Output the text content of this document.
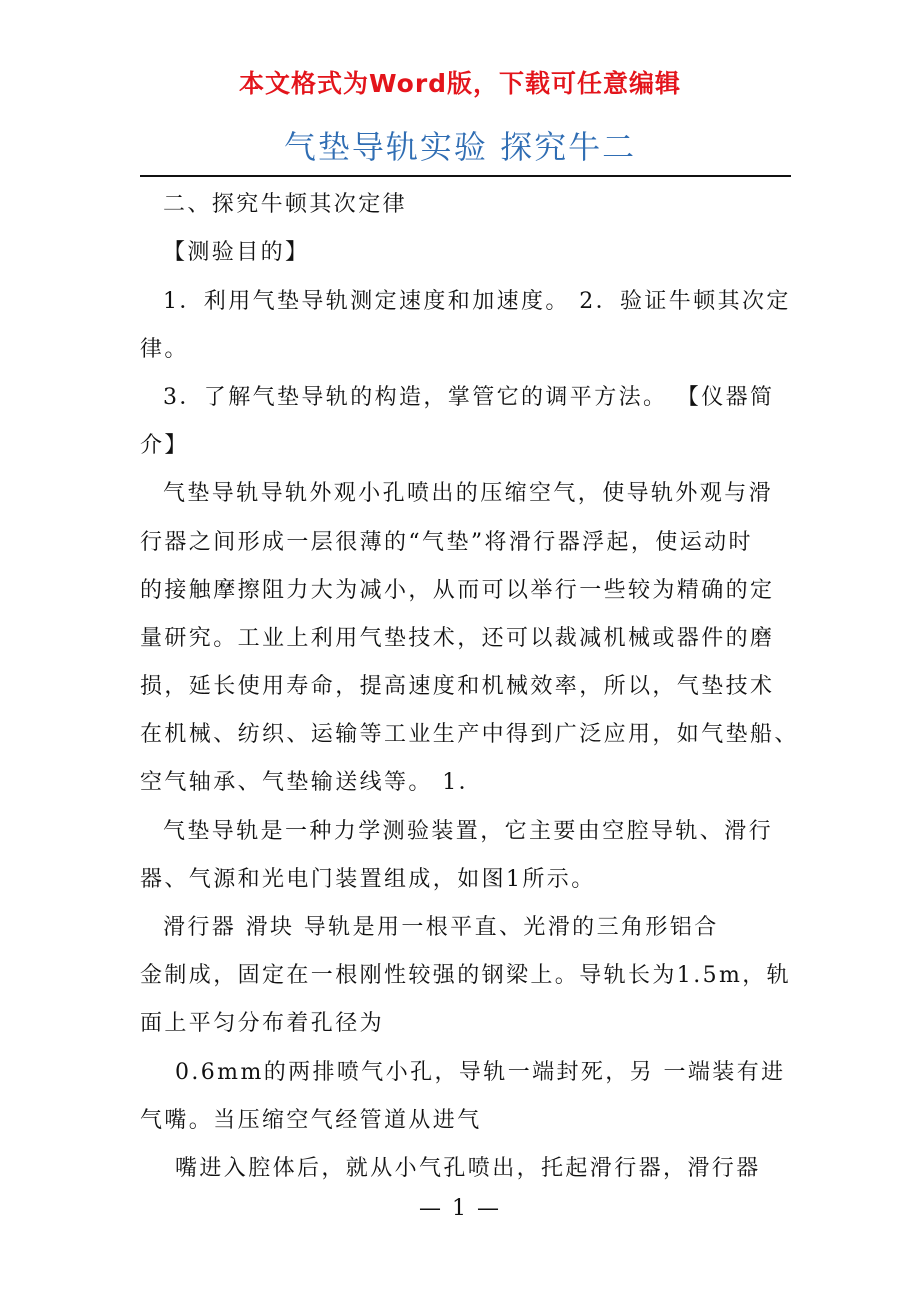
本文格式为Word版，下载可任意编辑
气垫导轨实验 探究牛二
二、探究牛顿其次定律
【测验目的】
1．利用气垫导轨测定速度和加速度。 2．验证牛顿其次定
律。
3．了解气垫导轨的构造，掌管它的调平方法。 【仪器简
介】
气垫导轨导轨外观小孔喷出的压缩空气，使导轨外观与滑
行器之间形成一层很薄的“气垫”将滑行器浮起，使运动时
的接触摩擦阻力大为减小，从而可以举行一些较为精确的定
量研究。工业上利用气垫技术，还可以裁减机械或器件的磨
损，延长使用寿命，提高速度和机械效率，所以，气垫技术
在机械、纺织、运输等工业生产中得到广泛应用，如气垫船、
空气轴承、气垫输送线等。 1．
气垫导轨是一种力学测验装置，它主要由空腔导轨、滑行
器、气源和光电门装置组成，如图1所示。
滑行器 滑块 导轨是用一根平直、光滑的三角形铝合
金制成，固定在一根刚性较强的钢梁上。导轨长为1.5m，轨
面上平匀分布着孔径为
0.6mm的两排喷气小孔，导轨一端封死，另 一端装有进
气嘴。当压缩空气经管道从进气
嘴进入腔体后，就从小气孔喷出，托起滑行器，滑行器
— 1 —
